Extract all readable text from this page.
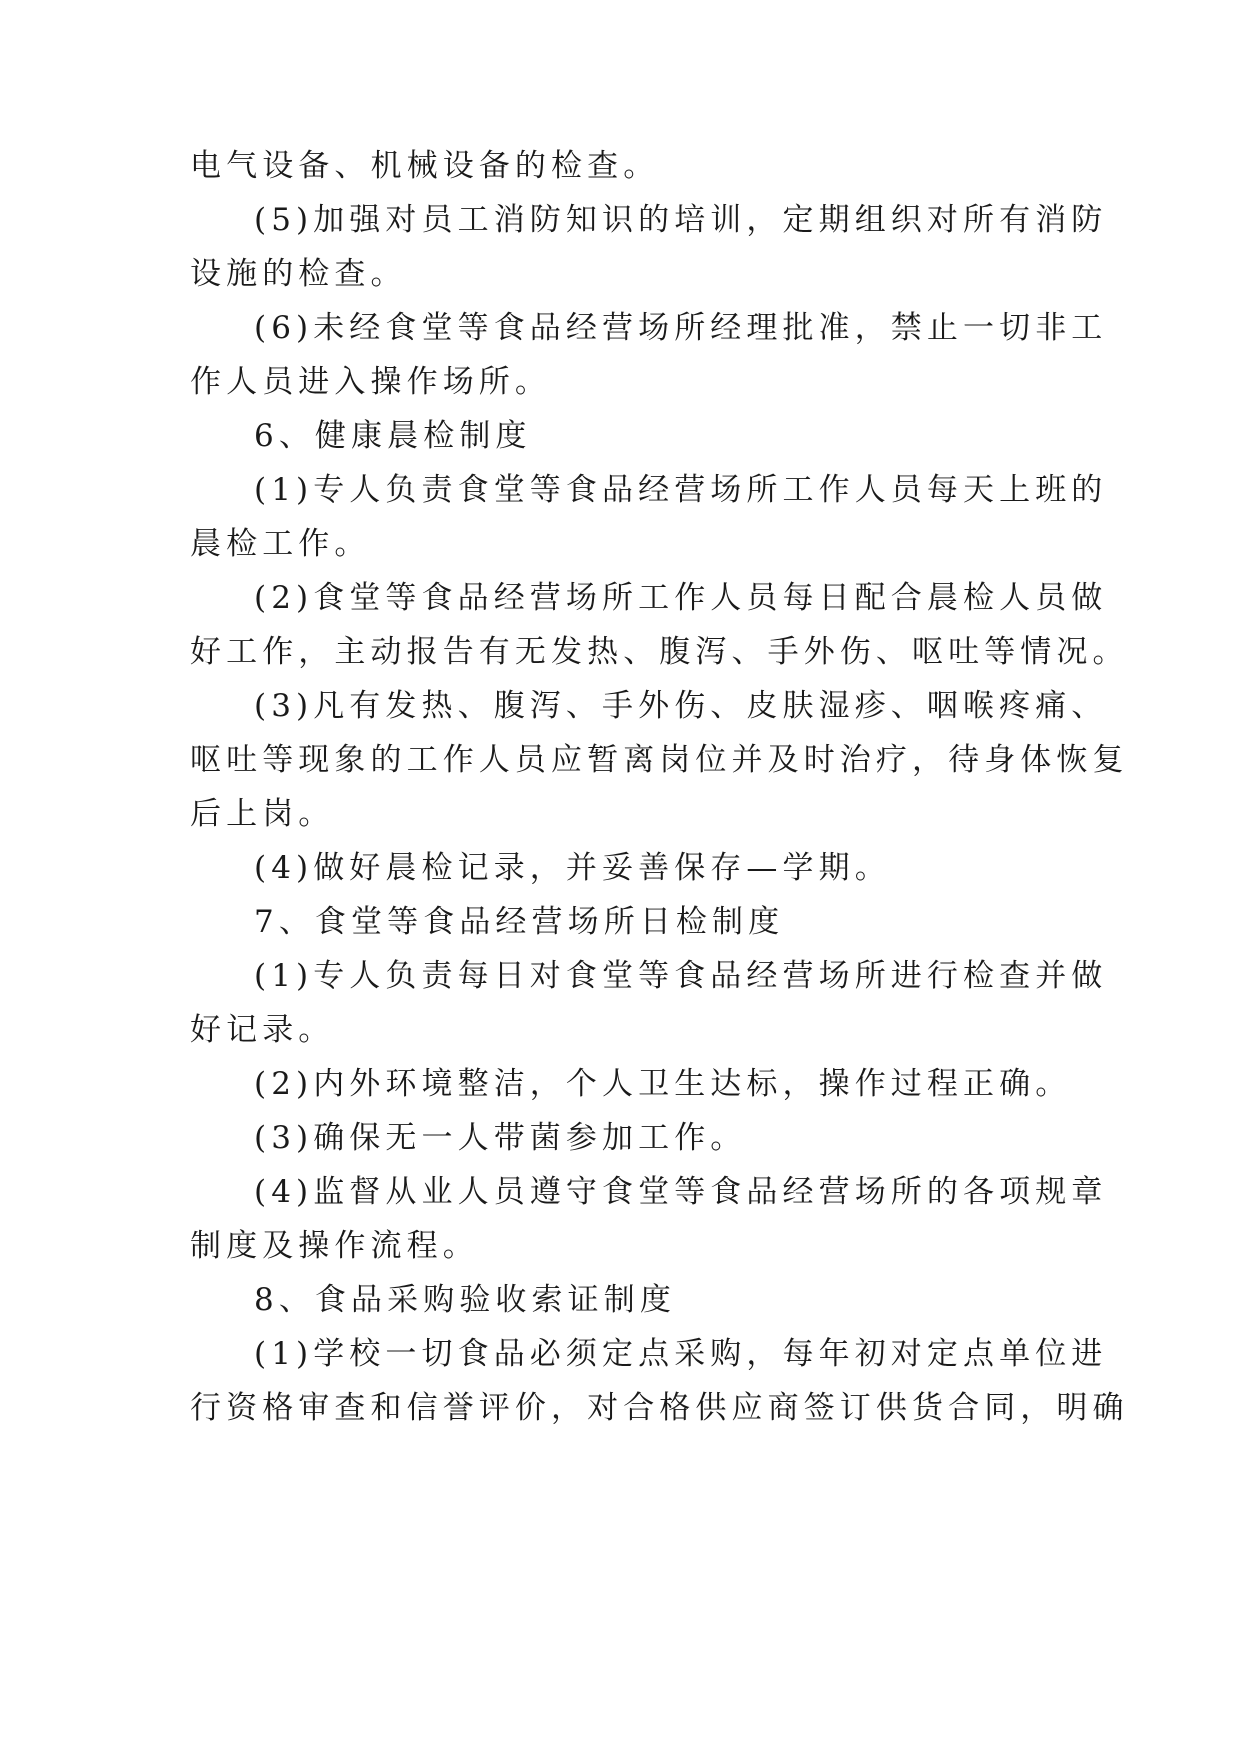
电气设备、机械设备的检查。
(5)加强对员工消防知识的培训，定期组织对所有消防
设施的检查。
(6)未经食堂等食品经营场所经理批准，禁止一切非工
作人员进入操作场所。
6、健康晨检制度
(1)专人负责食堂等食品经营场所工作人员每天上班的
晨检工作。
(2)食堂等食品经营场所工作人员每日配合晨检人员做
好工作，主动报告有无发热、腹泻、手外伤、呕吐等情况。
(3)凡有发热、腹泻、手外伤、皮肤湿疹、咽喉疼痛、
呕吐等现象的工作人员应暂离岗位并及时治疗，待身体恢复
后上岗。
(4)做好晨检记录，并妥善保存—学期。
7、食堂等食品经营场所日检制度
(1)专人负责每日对食堂等食品经营场所进行检查并做
好记录。
(2)内外环境整洁，个人卫生达标，操作过程正确。
(3)确保无一人带菌参加工作。
(4)监督从业人员遵守食堂等食品经营场所的各项规章
制度及操作流程。
8、食品采购验收索证制度
(1)学校一切食品必须定点采购，每年初对定点单位进
行资格审查和信誉评价，对合格供应商签订供货合同，明确
